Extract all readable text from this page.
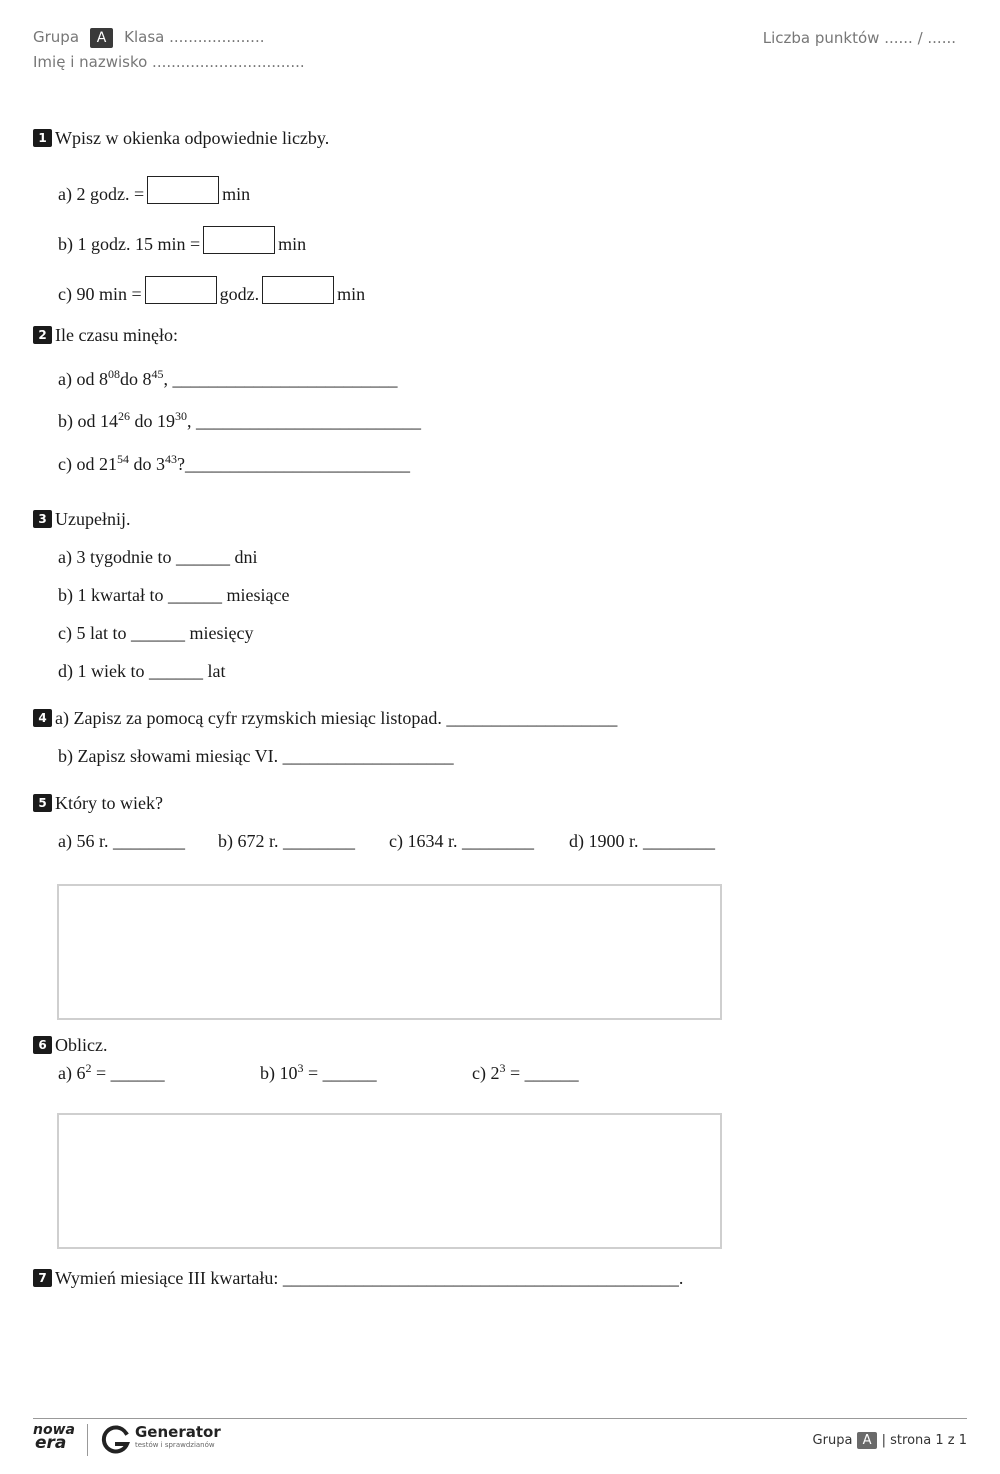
Grupa A Klasa ....................	Liczba punktów ...... / ......
Imię i nazwisko ................................
1 Wpisz w okienka odpowiednie liczby.
a) 2 godz. =	min
b) 1 godz. 15 min =	min
c) 90 min =	godz.	min
2 Ile czasu minęło:
a) od $8^{08}do$ $8^{45}$, _________________________
b) od $14^{26}$ do $19^{30}$, _________________________
c) od $21^{54}$ do $3^{43}?\_\_\_\_\_\_\_\_\_\_\_\_\_\_\_\_\_\_\_\_\_\_\_\_\_$
3 Uzupełnij.
a) 3 tygodnie to ______ dni
b) 1 kwartał to ______ miesiące
c) 5 lat to ______ miesięcy
d) 1 wiek to ______ lat
4 a) Zapisz za pomocą cyfr rzymskich miesiąc listopad. ___________________
b) Zapisz słowami miesiąc VI. ___________________
5 Który to wiek?
a) 56 r. ________ b) 672 r. ________ c) 1634 r. ________ d) 1900 r. ________
6 Oblicz.
a) $6^2$ = ______	b) $10^3$ = ______	c) $2^3$ = ______
7 Wymień miesiące III kwartału: ____________________________________________.
nowa
era
Generator
testów i sprawdzianów	Grupa A | strona 1 z 1
